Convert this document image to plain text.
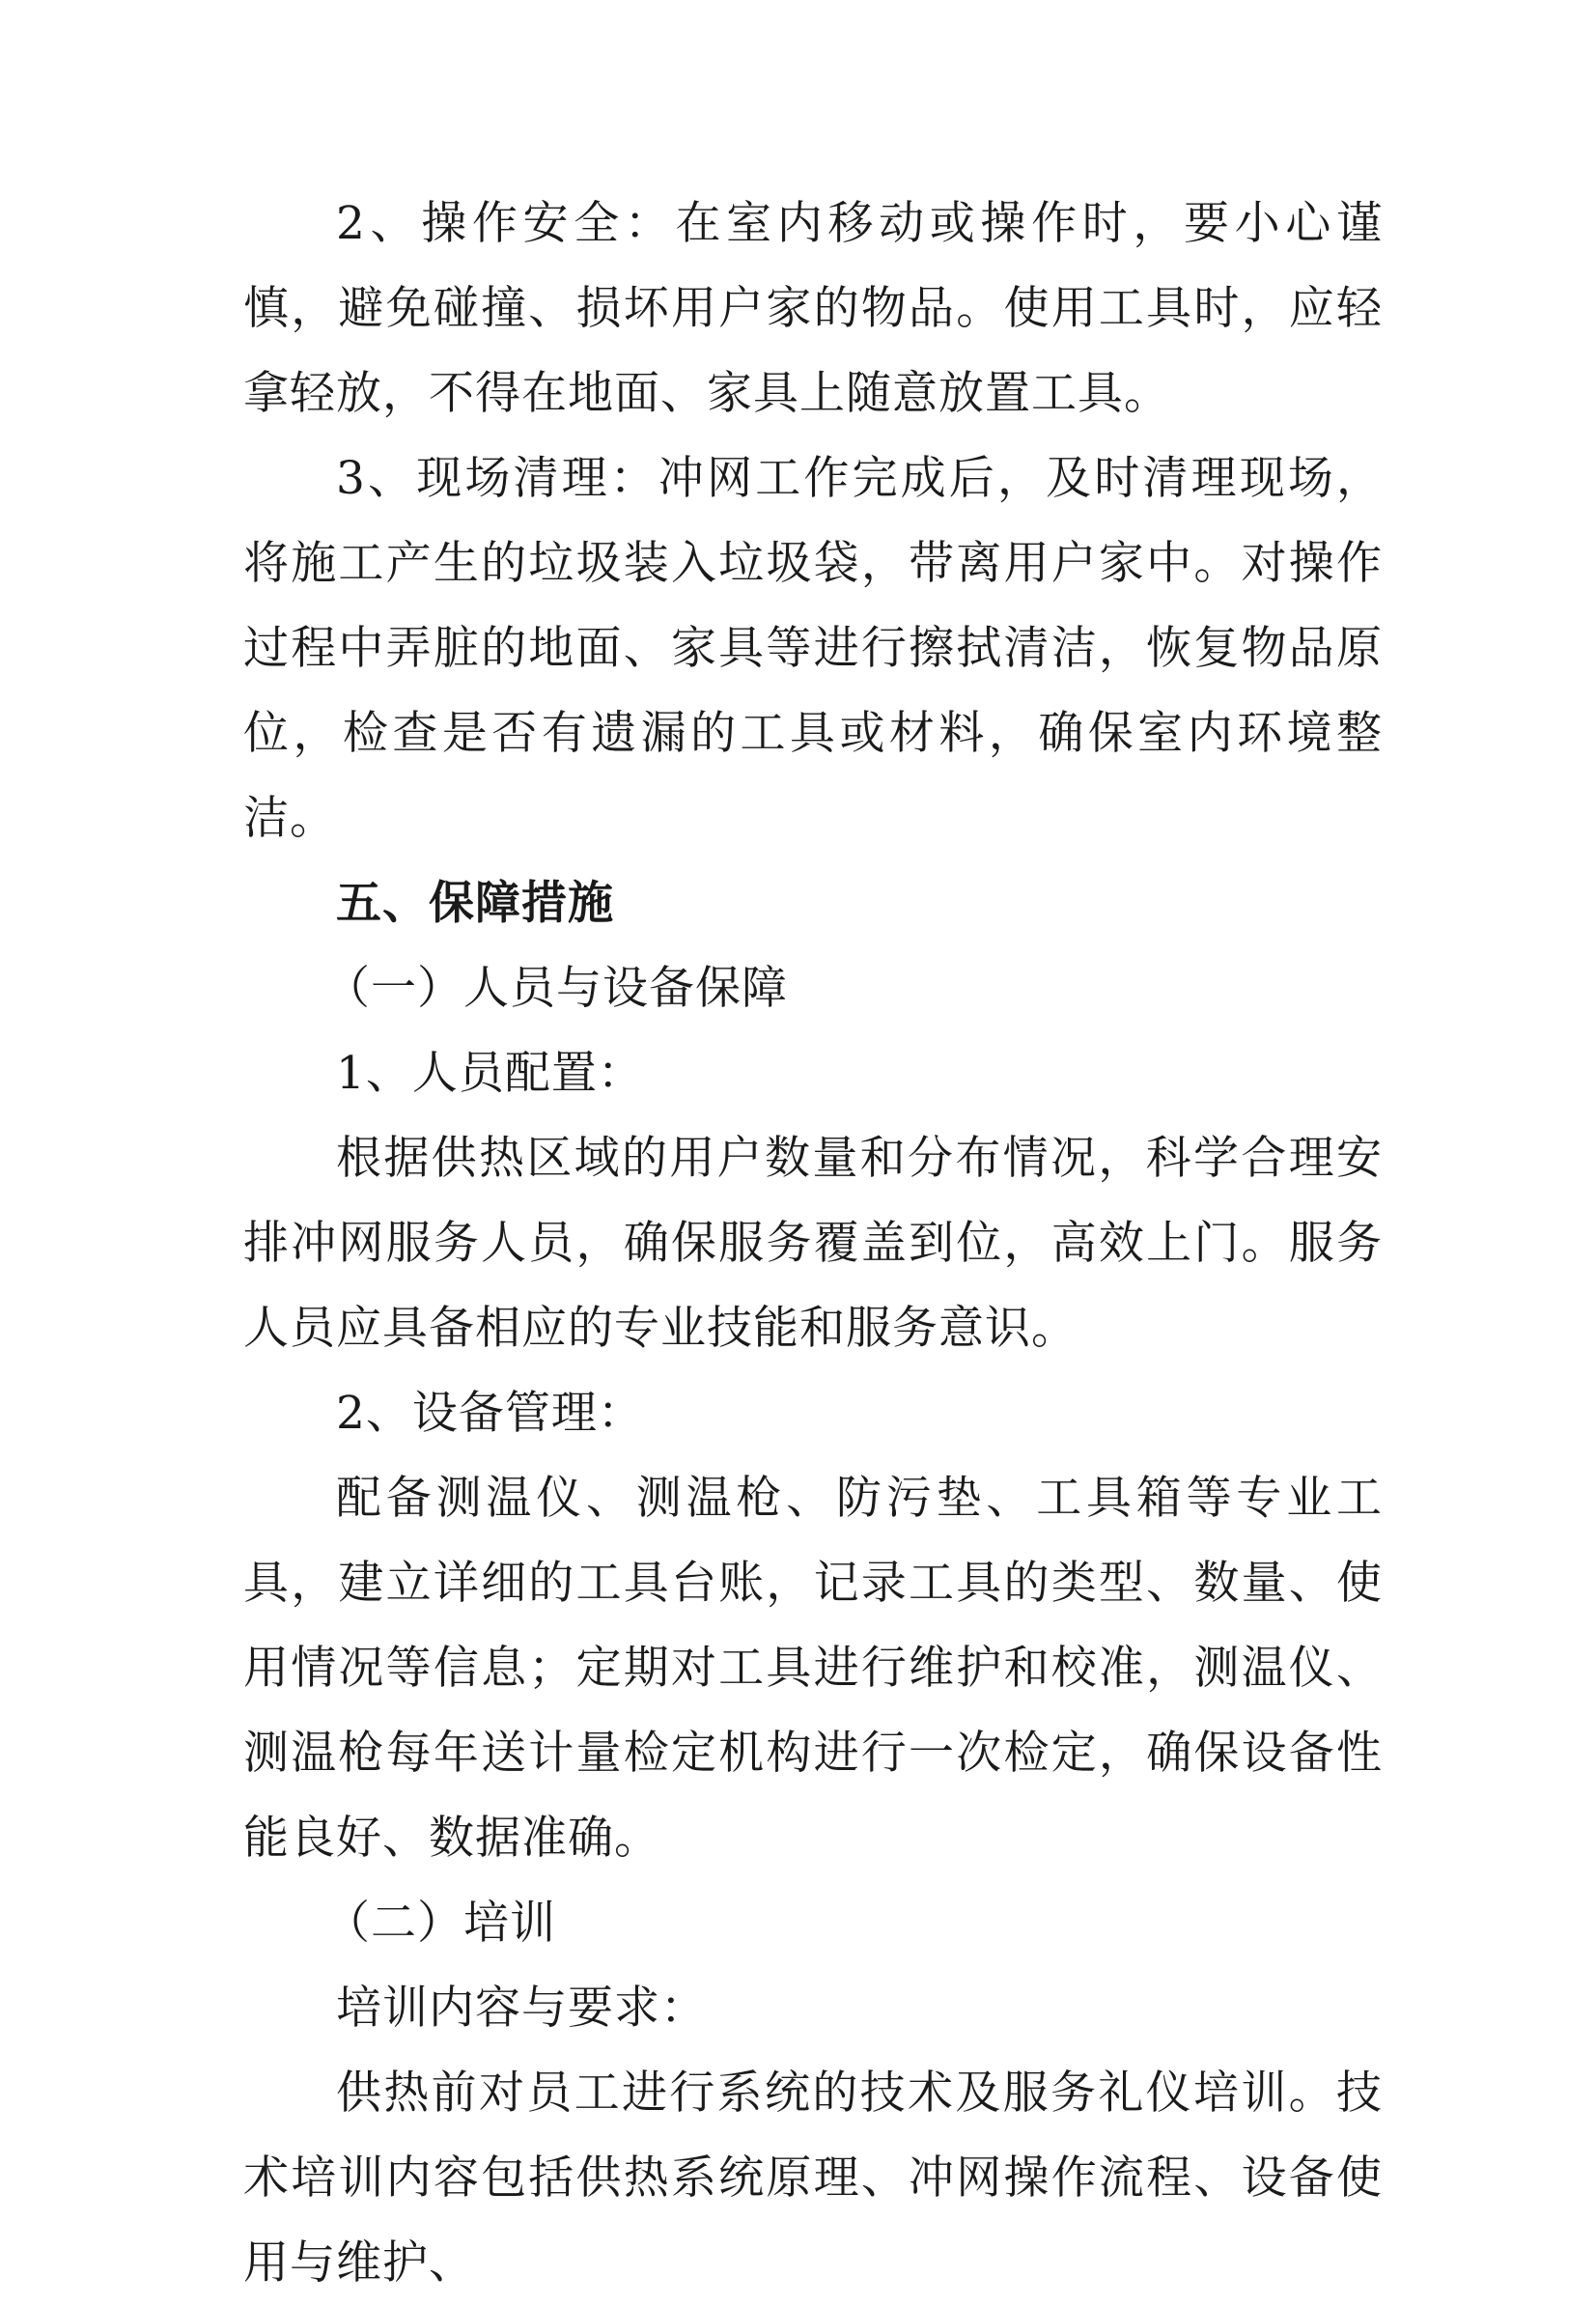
2、操作安全：在室内移动或操作时，要小心谨慎，避免碰撞、损坏用户家的物品。使用工具时，应轻拿轻放，不得在地面、家具上随意放置工具。

3、现场清理：冲网工作完成后，及时清理现场，将施工产生的垃圾装入垃圾袋，带离用户家中。对操作过程中弄脏的地面、家具等进行擦拭清洁，恢复物品原位，检查是否有遗漏的工具或材料，确保室内环境整洁。

五、保障措施

（一）人员与设备保障

1、人员配置：

根据供热区域的用户数量和分布情况，科学合理安排冲网服务人员，确保服务覆盖到位，高效上门。服务人员应具备相应的专业技能和服务意识。

2、设备管理：

配备测温仪、测温枪、防污垫、工具箱等专业工具，建立详细的工具台账，记录工具的类型、数量、使用情况等信息；定期对工具进行维护和校准，测温仪、测温枪每年送计量检定机构进行一次检定，确保设备性能良好、数据准确。

（二）培训

培训内容与要求：

供热前对员工进行系统的技术及服务礼仪培训。技术培训内容包括供热系统原理、冲网操作流程、设备使用与维护、
